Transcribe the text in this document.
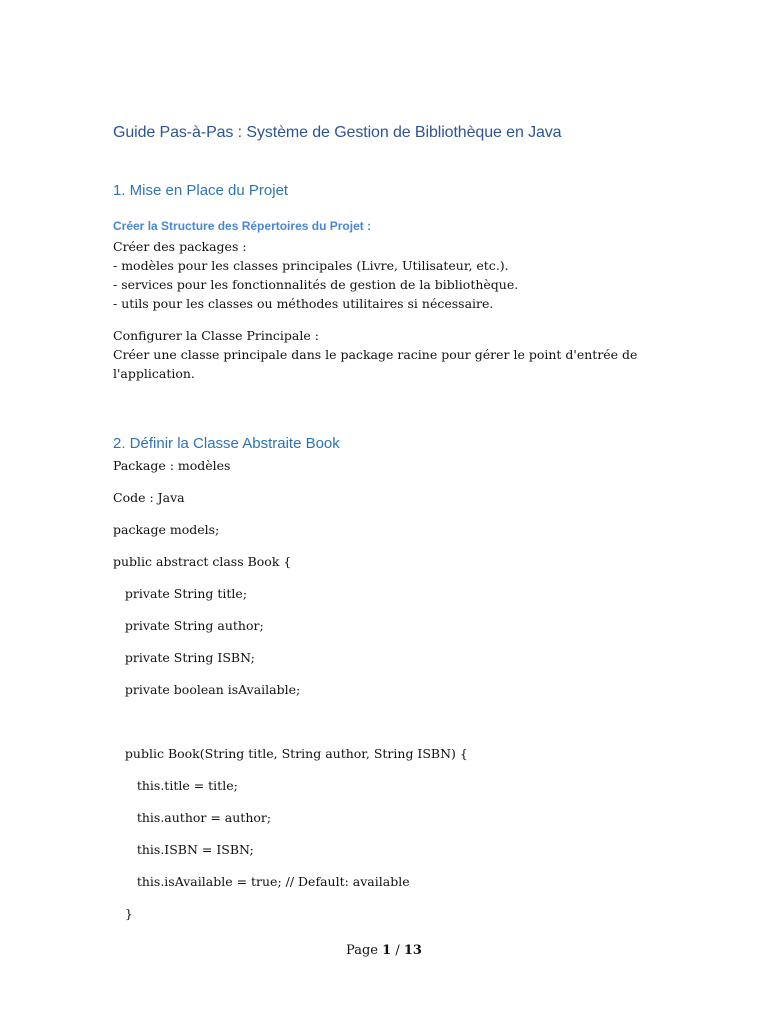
Guide Pas-à-Pas : Système de Gestion de Bibliothèque en Java
1. Mise en Place du Projet
Créer la Structure des Répertoires du Projet :
Créer des packages :
- modèles pour les classes principales (Livre, Utilisateur, etc.).
- services pour les fonctionnalités de gestion de la bibliothèque.
- utils pour les classes ou méthodes utilitaires si nécessaire.
Configurer la Classe Principale :
Créer une classe principale dans le package racine pour gérer le point d'entrée de
l'application.
2. Définir la Classe Abstraite Book
Package : modèles
Code : Java
package models;
public abstract class Book {
private String title;
private String author;
private String ISBN;
private boolean isAvailable;
public Book(String title, String author, String ISBN) {
this.title = title;
this.author = author;
this.ISBN = ISBN;
this.isAvailable = true; // Default: available
}
Page 1 / 13
